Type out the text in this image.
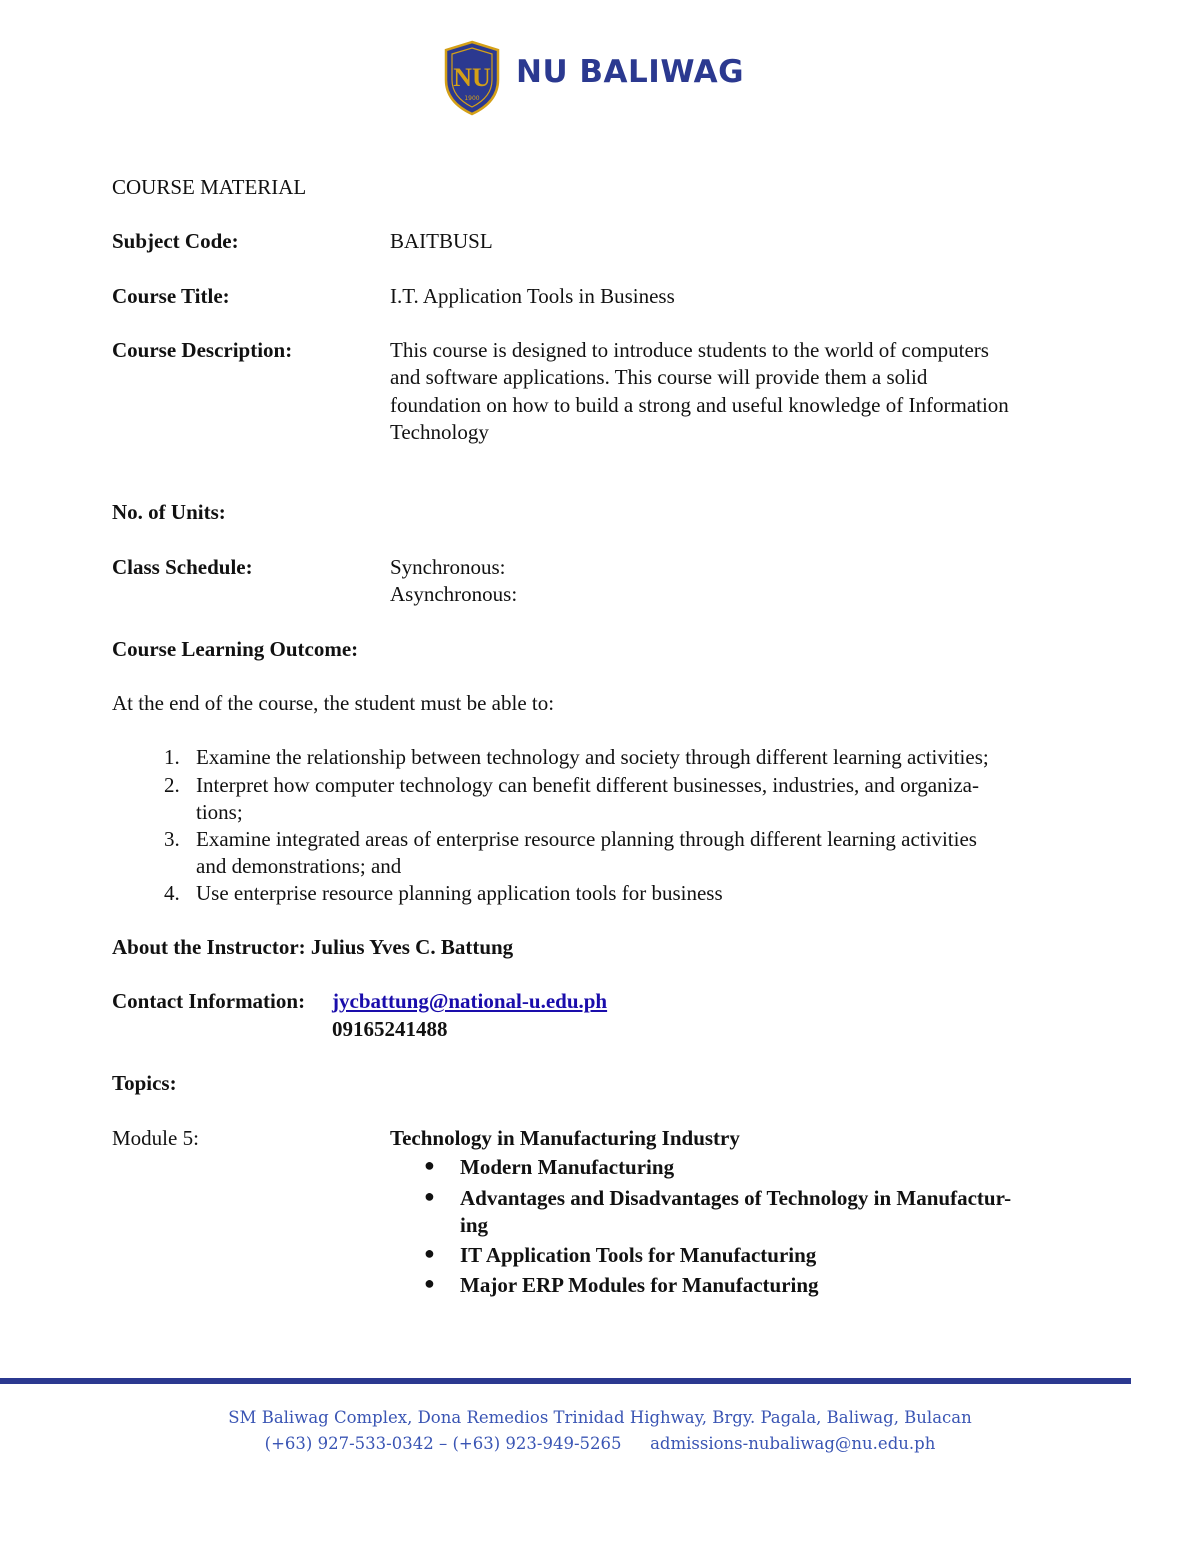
NU
1900
NU BALIWAG
COURSE MATERIAL
Subject Code:	BAITBUSL
Course Title:	I.T. Application Tools in Business
Course Description:	This course is designed to introduce students to the world of computers
and software applications. This course will provide them a solid
foundation on how to build a strong and useful knowledge of Information
Technology
No. of Units:
Class Schedule:	Synchronous:
Asynchronous:
Course Learning Outcome:
At the end of the course, the student must be able to:
1. Examine the relationship between technology and society through different learning activities;
2. Interpret how computer technology can benefit different businesses, industries, and organiza-
tions;
3. Examine integrated areas of enterprise resource planning through different learning activities
and demonstrations; and
4. Use enterprise resource planning application tools for business
About the Instructor: Julius Yves C. Battung
Contact Information: jycbattung@national-u.edu.ph
09165241488
Topics:
Module 5:	Technology in Manufacturing Industry
● Modern Manufacturing
● Advantages and Disadvantages of Technology in Manufactur-
ing
● IT Application Tools for Manufacturing
● Major ERP Modules for Manufacturing
SM Baliwag Complex, Dona Remedios Trinidad Highway, Brgy. Pagala, Baliwag, Bulacan
(+63) 927-533-0342 – (+63) 923-949-5265 admissions-nubaliwag@nu.edu.ph
